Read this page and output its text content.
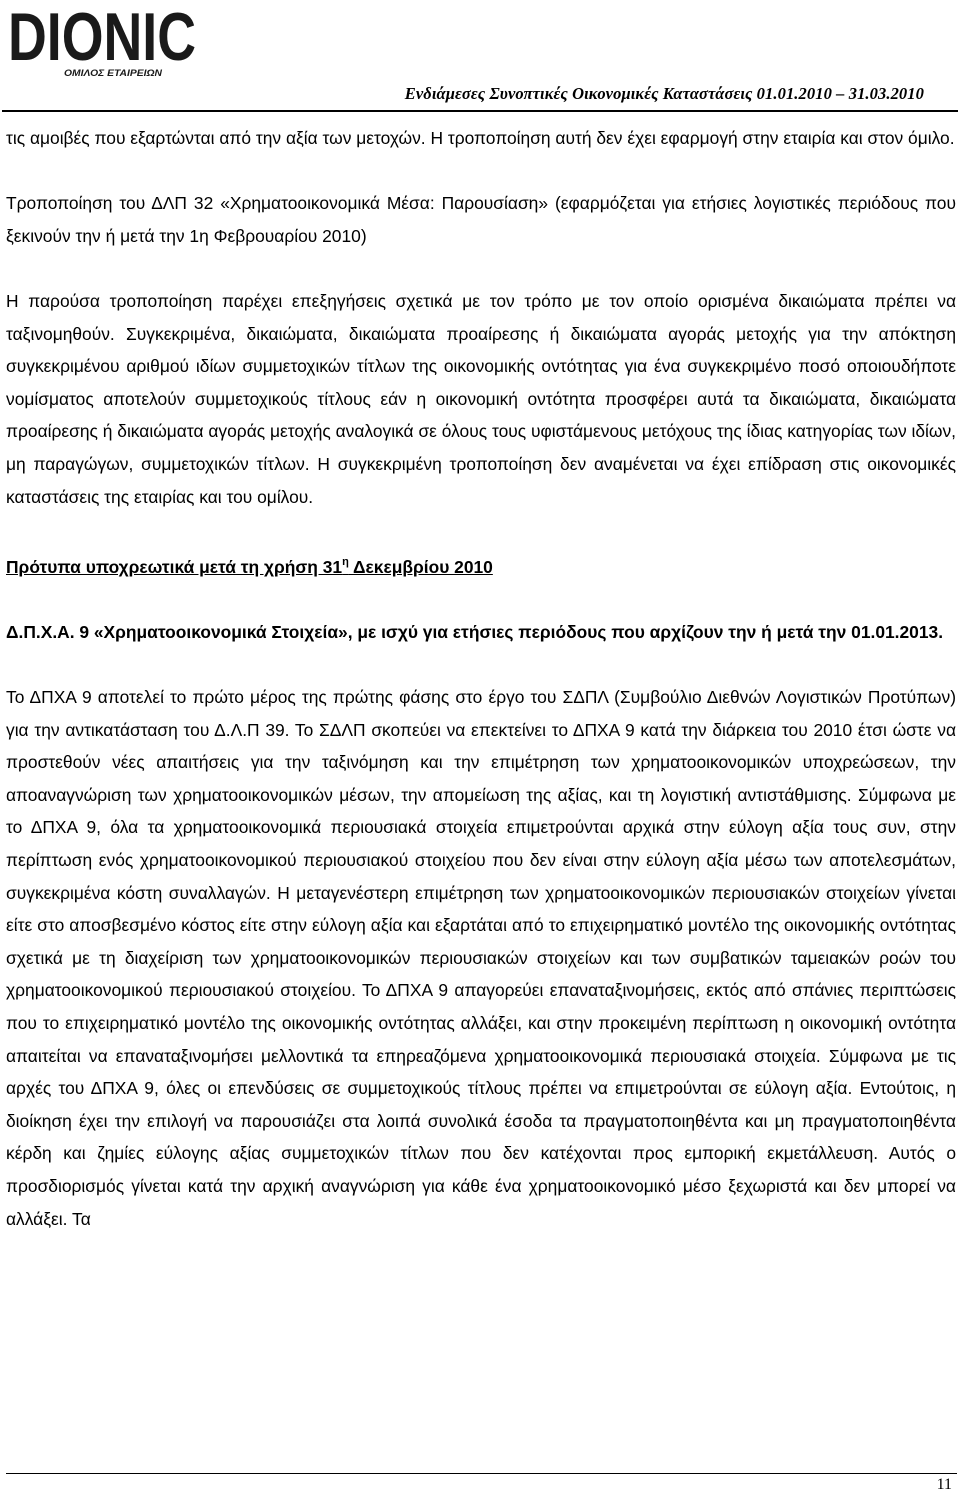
DIONIC
ΟΜΙΛΟΣ ΕΤΑΙΡΕΙΩΝ
Ενδιάμεσες Συνοπτικές Οικονομικές Καταστάσεις 01.01.2010 – 31.03.2010

τις αμοιβές που εξαρτώνται από την αξία των μετοχών. Η τροποποίηση αυτή δεν έχει εφαρμογή στην εταιρία και στον όμιλο.

Τροποποίηση του ΔΛΠ 32 «Χρηματοοικονομικά Μέσα: Παρουσίαση» (εφαρμόζεται για ετήσιες λογιστικές περιόδους που ξεκινούν την ή μετά την 1η Φεβρουαρίου 2010)

Η παρούσα τροποποίηση παρέχει επεξηγήσεις σχετικά με τον τρόπο με τον οποίο ορισμένα δικαιώματα πρέπει να ταξινομηθούν. Συγκεκριμένα, δικαιώματα, δικαιώματα προαίρεσης ή δικαιώματα αγοράς μετοχής για την απόκτηση συγκεκριμένου αριθμού ιδίων συμμετοχικών τίτλων της οικονομικής οντότητας για ένα συγκεκριμένο ποσό οποιουδήποτε νομίσματος αποτελούν συμμετοχικούς τίτλους εάν η οικονομική οντότητα προσφέρει αυτά τα δικαιώματα, δικαιώματα προαίρεσης ή δικαιώματα αγοράς μετοχής αναλογικά σε όλους τους υφιστάμενους μετόχους της ίδιας κατηγορίας των ιδίων, μη παραγώγων, συμμετοχικών τίτλων. Η συγκεκριμένη τροποποίηση δεν αναμένεται να έχει επίδραση στις οικονομικές καταστάσεις της εταιρίας και του ομίλου.

Πρότυπα υποχρεωτικά μετά τη χρήση $31^\eta$ Δεκεμβρίου 2010

Δ.Π.Χ.Α. 9 «Χρηματοοικονομικά Στοιχεία», με ισχύ για ετήσιες περιόδους που αρχίζουν την ή μετά την 01.01.2013.

Το ΔΠΧΑ 9 αποτελεί το πρώτο μέρος της πρώτης φάσης στο έργο του ΣΔΠΛ (Συμβούλιο Διεθνών Λογιστικών Προτύπων) για την αντικατάσταση του Δ.Λ.Π 39. Το ΣΔΛΠ σκοπεύει να επεκτείνει το ΔΠΧΑ 9 κατά την διάρκεια του 2010 έτσι ώστε να προστεθούν νέες απαιτήσεις για την ταξινόμηση και την επιμέτρηση των χρηματοοικονομικών υποχρεώσεων, την αποαναγνώριση των χρηματοοικονομικών μέσων, την απομείωση της αξίας, και τη λογιστική αντιστάθμισης. Σύμφωνα με το ΔΠΧΑ 9, όλα τα χρηματοοικονομικά περιουσιακά στοιχεία επιμετρούνται αρχικά στην εύλογη αξία τους συν, στην περίπτωση ενός χρηματοοικονομικού περιουσιακού στοιχείου που δεν είναι στην εύλογη αξία μέσω των αποτελεσμάτων, συγκεκριμένα κόστη συναλλαγών. Η μεταγενέστερη επιμέτρηση των χρηματοοικονομικών περιουσιακών στοιχείων γίνεται είτε στο αποσβεσμένο κόστος είτε στην εύλογη αξία και εξαρτάται από το επιχειρηματικό μοντέλο της οικονομικής οντότητας σχετικά με τη διαχείριση των χρηματοοικονομικών περιουσιακών στοιχείων και των συμβατικών ταμειακών ροών του χρηματοοικονομικού περιουσιακού στοιχείου. Το ΔΠΧΑ 9 απαγορεύει επαναταξινομήσεις, εκτός από σπάνιες περιπτώσεις που το επιχειρηματικό μοντέλο της οικονομικής οντότητας αλλάξει, και στην προκειμένη περίπτωση η οικονομική οντότητα απαιτείται να επαναταξινομήσει μελλοντικά τα επηρεαζόμενα χρηματοοικονομικά περιουσιακά στοιχεία. Σύμφωνα με τις αρχές του ΔΠΧΑ 9, όλες οι επενδύσεις σε συμμετοχικούς τίτλους πρέπει να επιμετρούνται σε εύλογη αξία. Εντούτοις, η διοίκηση έχει την επιλογή να παρουσιάζει στα λοιπά συνολικά έσοδα τα πραγματοποιηθέντα και μη πραγματοποιηθέντα κέρδη και ζημίες εύλογης αξίας συμμετοχικών τίτλων που δεν κατέχονται προς εμπορική εκμετάλλευση. Αυτός ο προσδιορισμός γίνεται κατά την αρχική αναγνώριση για κάθε ένα χρηματοοικονομικό μέσο ξεχωριστά και δεν μπορεί να αλλάξει. Τα

11
